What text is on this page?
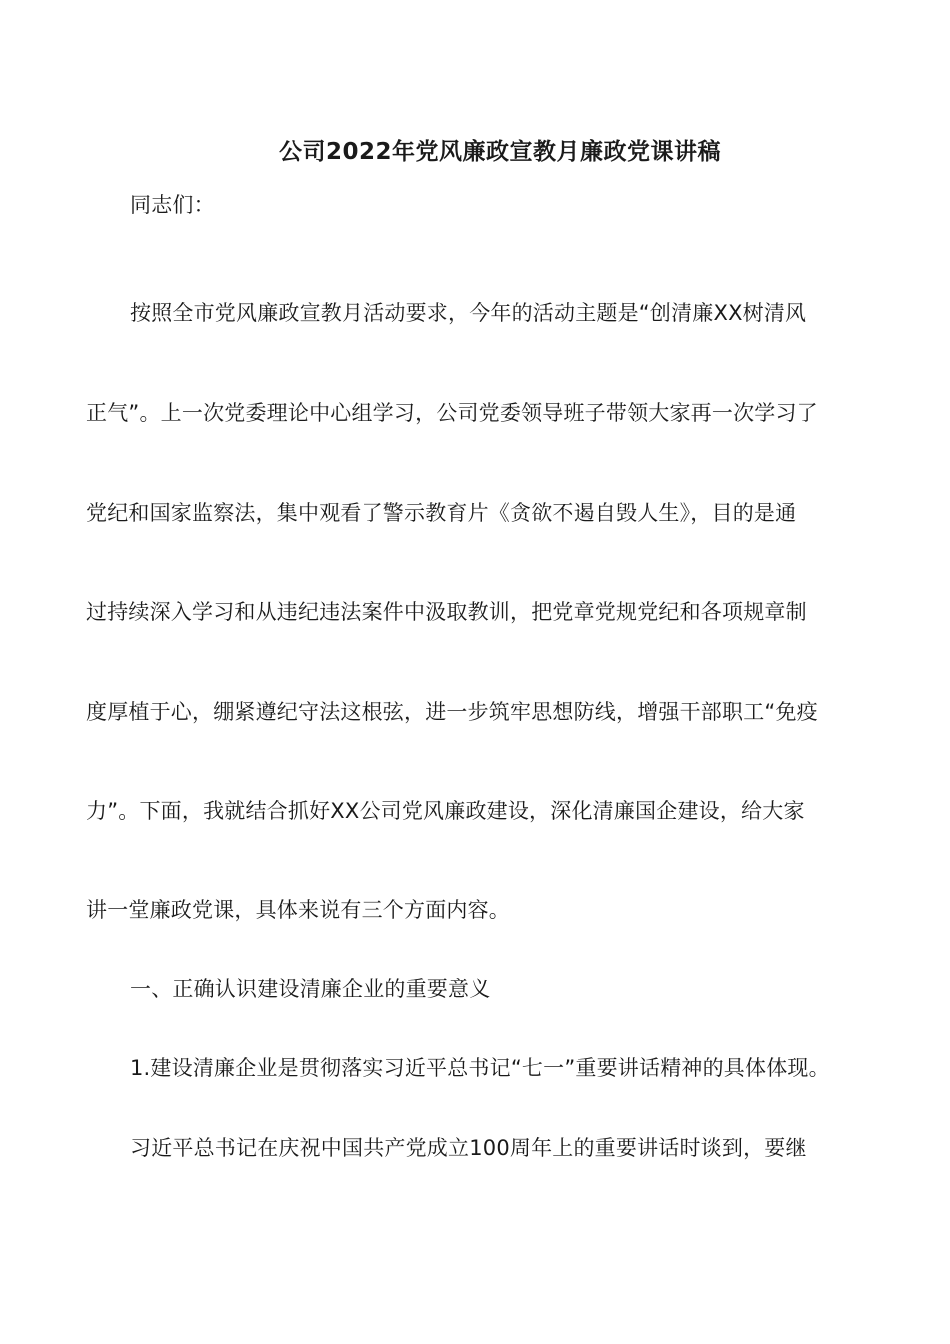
公司2022年党风廉政宣教月廉政党课讲稿
同志们：
按照全市党风廉政宣教月活动要求，今年的活动主题是“创清廉XX树清风
正气”。上一次党委理论中心组学习，公司党委领导班子带领大家再一次学习了
党纪和国家监察法，集中观看了警示教育片《贪欲不遏自毁人生》，目的是通
过持续深入学习和从违纪违法案件中汲取教训，把党章党规党纪和各项规章制
度厚植于心，绷紧遵纪守法这根弦，进一步筑牢思想防线，增强干部职工“免疫
力”。下面，我就结合抓好XX公司党风廉政建设，深化清廉国企建设，给大家
讲一堂廉政党课，具体来说有三个方面内容。
一、正确认识建设清廉企业的重要意义
1.建设清廉企业是贯彻落实习近平总书记“七一”重要讲话精神的具体体现。
习近平总书记在庆祝中国共产党成立100周年上的重要讲话时谈到，要继
